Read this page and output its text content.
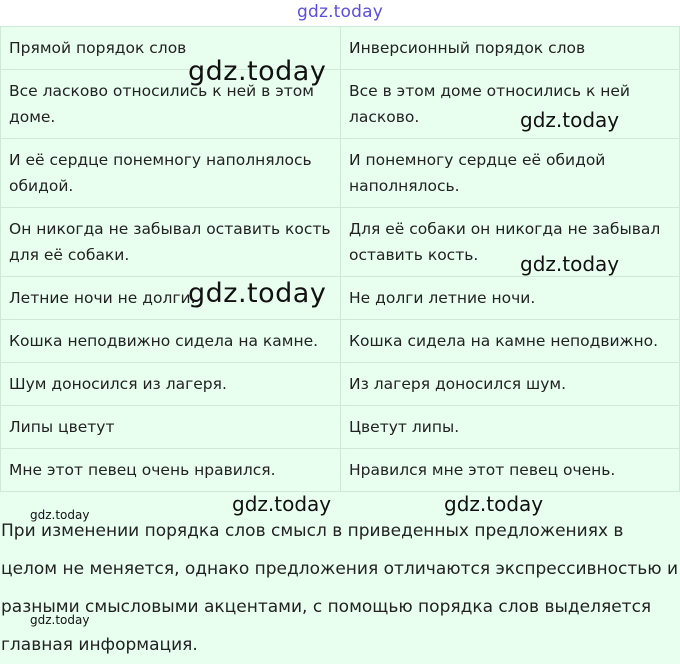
gdz.today
Прямой порядок слов	Инверсионный порядок слов
Все ласково относились к ней в этом доме.	Все в этом доме относились к ней ласково.
И её сердце понемногу наполнялось обидой.	И понемногу сердце её обидой наполнялось.
Он никогда не забывал оставить кость для её собаки.	Для её собаки он никогда не забывал оставить кость.
Летние ночи не долги.	Не долги летние ночи.
Кошка неподвижно сидела на камне.	Кошка сидела на камне неподвижно.
Шум доносился из лагеря.	Из лагеря доносился шум.
Липы цветут	Цветут липы.
Мне этот певец очень нравился.	Нравился мне этот певец очень.
При изменении порядка слов смысл в приведенных предложениях в целом не меняется, однако предложения отличаются экспрессивностью и разными смысловыми акцентами, с помощью порядка слов выделяется главная информация.
gdz.today
gdz.today
gdz.today
gdz.today
gdz.today	gdz.today
gdz.today
gdz.today
